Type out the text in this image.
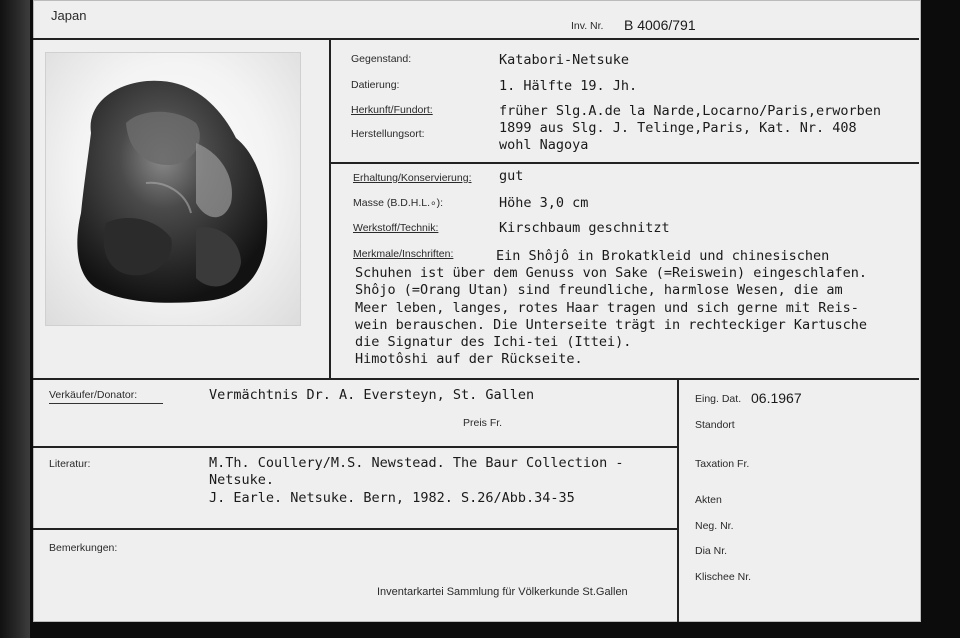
Japan
Inv. Nr. B 4006/791
Gegenstand:	Katabori-Netsuke
Datierung:	1. Hälfte 19. Jh.
Herkunft/Fundort:	früher Slg.A.de la Narde,Locarno/Paris,erworben
1899 aus Slg. J. Telinge,Paris, Kat. Nr. 408
Herstellungsort:
wohl Nagoya
Erhaltung/Konservierung: gut
Masse (B.D.H.L.∘):	Höhe 3,0 cm
Werkstoff/Technik:	Kirschbaum geschnitzt
Merkmale/Inschriften:	Ein Shôjô in Brokatkleid und chinesischen
Schuhen ist über dem Genuss von Sake (=Reiswein) eingeschlafen.
Shôjo (=Orang Utan) sind freundliche, harmlose Wesen, die am
Meer leben, langes, rotes Haar tragen und sich gerne mit Reis-
wein berauschen. Die Unterseite trägt in rechteckiger Kartusche
die Signatur des Ichi-tei (Ittei).
Himotôshi auf der Rückseite.
Verkäufer/Donator:	Vermächtnis Dr. A. Eversteyn, St. Gallen
Preis Fr.
Literatur:	M.Th. Coullery/M.S. Newstead. The Baur Collection -
Netsuke.
J. Earle. Netsuke. Bern, 1982. S.26/Abb.34-35
Bemerkungen:
Inventarkartei Sammlung für Völkerkunde St.Gallen
Eing. Dat. 06.1967
Standort
Taxation Fr.
Akten
Neg. Nr.
Dia Nr.
Klischee Nr.
